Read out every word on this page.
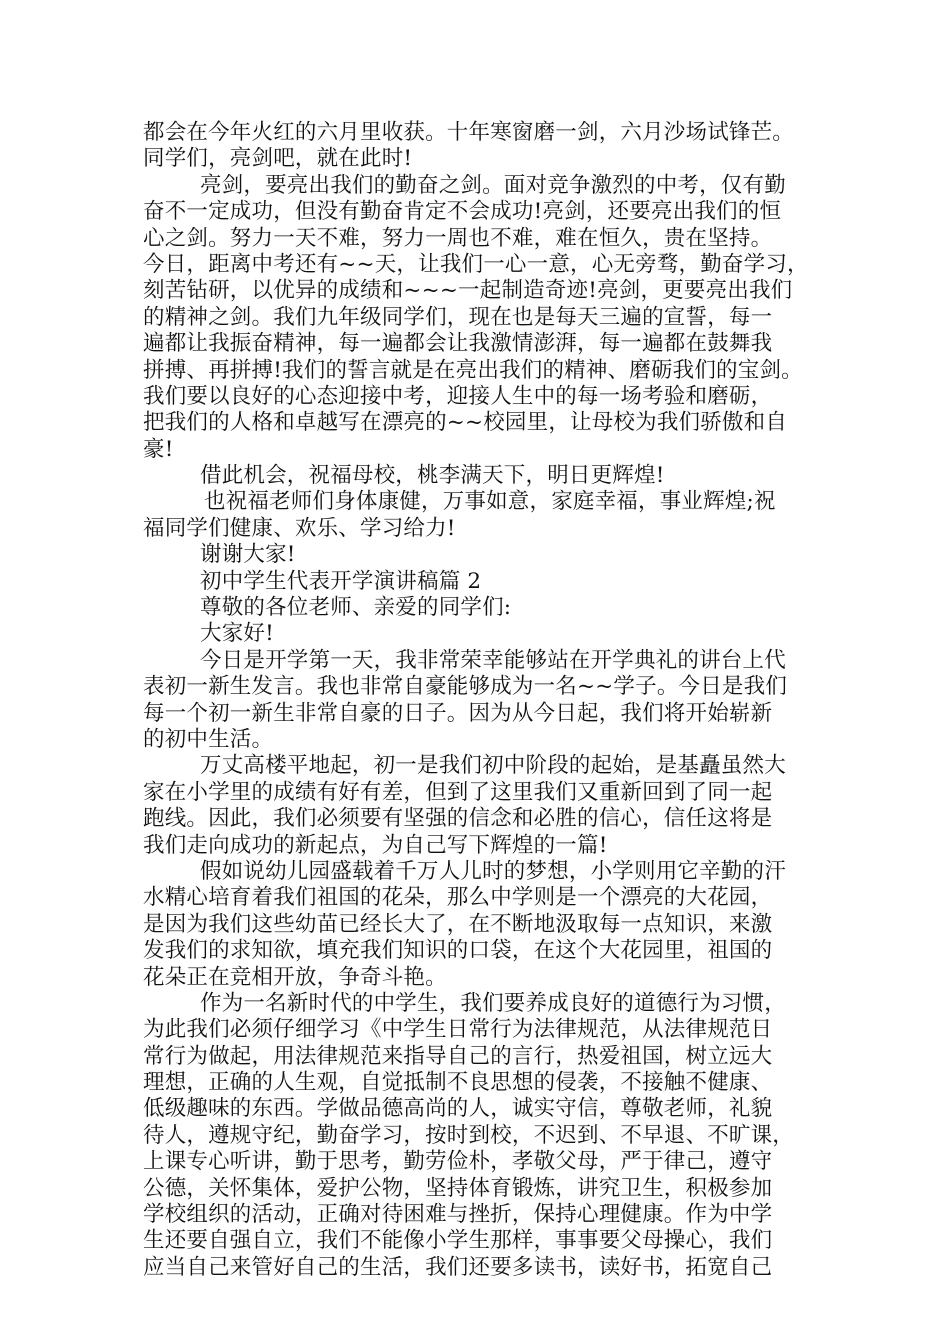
都会在今年火红的六月里收获。十年寒窗磨一剑，六月沙场试锋芒。
同学们，亮剑吧，就在此时!
亮剑，要亮出我们的勤奋之剑。面对竞争激烈的中考，仅有勤
奋不一定成功，但没有勤奋肯定不会成功!亮剑，还要亮出我们的恒
心之剑。努力一天不难，努力一周也不难，难在恒久，贵在坚持。
今日，距离中考还有~~天，让我们一心一意，心无旁骛，勤奋学习，
刻苦钻研，以优异的成绩和~~~一起制造奇迹!亮剑，更要亮出我们
的精神之剑。我们九年级同学们，现在也是每天三遍的宣誓，每一
遍都让我振奋精神，每一遍都会让我激情澎湃，每一遍都在鼓舞我
拼搏、再拼搏!我们的誓言就是在亮出我们的精神、磨砺我们的宝剑。
我们要以良好的心态迎接中考，迎接人生中的每一场考验和磨砺，
把我们的人格和卓越写在漂亮的~~校园里，让母校为我们骄傲和自
豪!
借此机会，祝福母校，桃李满天下，明日更辉煌!
也祝福老师们身体康健，万事如意，家庭幸福，事业辉煌;祝
福同学们健康、欢乐、学习给力!
谢谢大家!
初中学生代表开学演讲稿篇 2
尊敬的各位老师、亲爱的同学们:
大家好!
今日是开学第一天，我非常荣幸能够站在开学典礼的讲台上代
表初一新生发言。我也非常自豪能够成为一名~~学子。今日是我们
每一个初一新生非常自豪的日子。因为从今日起，我们将开始崭新
的初中生活。
万丈高楼平地起，初一是我们初中阶段的起始，是基矗虽然大
家在小学里的成绩有好有差，但到了这里我们又重新回到了同一起
跑线。因此，我们必须要有坚强的信念和必胜的信心，信任这将是
我们走向成功的新起点，为自己写下辉煌的一篇!
假如说幼儿园盛载着千万人儿时的梦想，小学则用它辛勤的汗
水精心培育着我们祖国的花朵，那么中学则是一个漂亮的大花园，
是因为我们这些幼苗已经长大了，在不断地汲取每一点知识，来激
发我们的求知欲，填充我们知识的口袋，在这个大花园里，祖国的
花朵正在竞相开放，争奇斗艳。
作为一名新时代的中学生，我们要养成良好的道德行为习惯，
为此我们必须仔细学习《中学生日常行为法律规范，从法律规范日
常行为做起，用法律规范来指导自己的言行，热爱祖国，树立远大
理想，正确的人生观，自觉抵制不良思想的侵袭，不接触不健康、
低级趣味的东西。学做品德高尚的人，诚实守信，尊敬老师，礼貌
待人，遵规守纪，勤奋学习，按时到校，不迟到、不早退、不旷课，
上课专心听讲，勤于思考，勤劳俭朴，孝敬父母，严于律己，遵守
公德，关怀集体，爱护公物，坚持体育锻炼，讲究卫生，积极参加
学校组织的活动，正确对待困难与挫折，保持心理健康。作为中学
生还要自强自立，我们不能像小学生那样，事事要父母操心，我们
应当自己来管好自己的生活，我们还要多读书，读好书，拓宽自己
